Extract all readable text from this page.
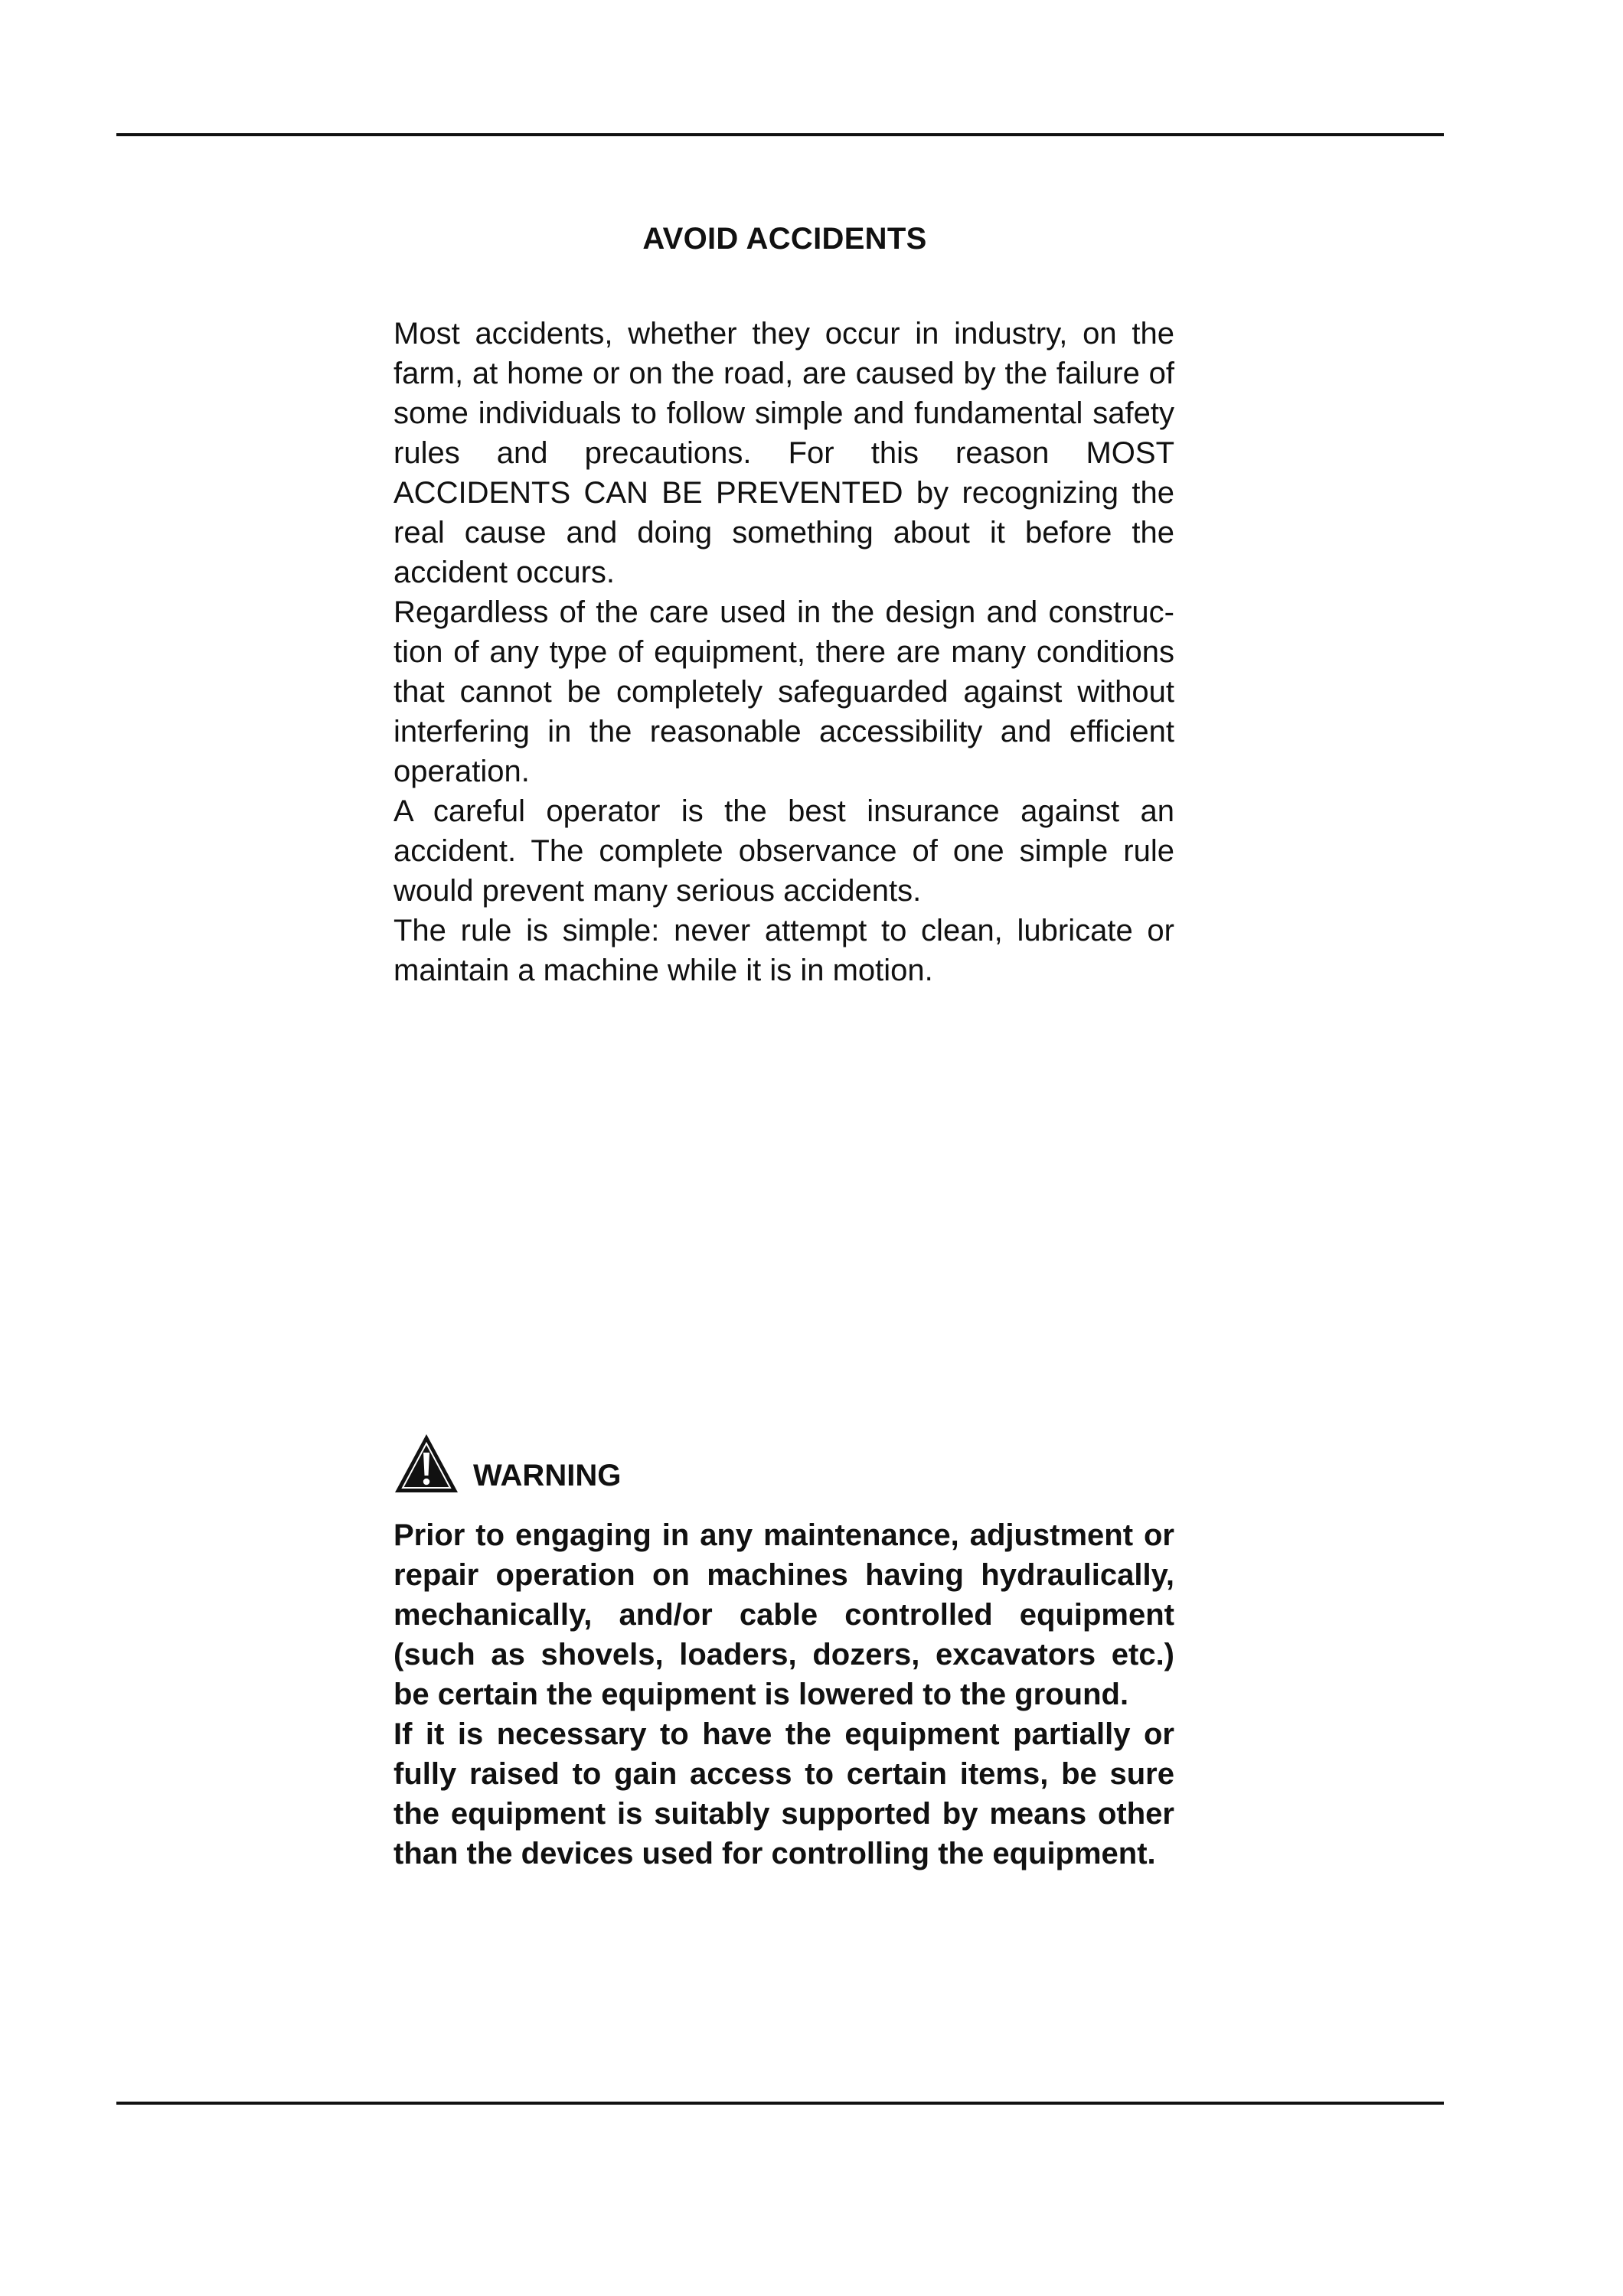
AVOID ACCIDENTS

Most accidents, whether they occur in industry, on the farm, at home or on the road, are caused by the failure of some individuals to follow simple and fundamental safety rules and precautions. For this reason MOST ACCIDENTS CAN BE PREVENTED by recognizing the real cause and doing something about it before the accident occurs.

Regardless of the care used in the design and construction of any type of equipment, there are many conditions that cannot be completely safeguarded against without interfering in the reasonable accessibility and efficient operation.

A careful operator is the best insurance against an accident. The complete observance of one simple rule would prevent many serious accidents.

The rule is simple: never attempt to clean, lubricate or maintain a machine while it is in motion.

WARNING

Prior to engaging in any maintenance, adjustment or repair operation on machines having hydraulically, mechanically, and/or cable controlled equipment (such as shovels, loaders, dozers, excavators etc.) be certain the equipment is lowered to the ground.

If it is necessary to have the equipment partially or fully raised to gain access to certain items, be sure the equipment is suitably supported by means other than the devices used for controlling the equipment.
